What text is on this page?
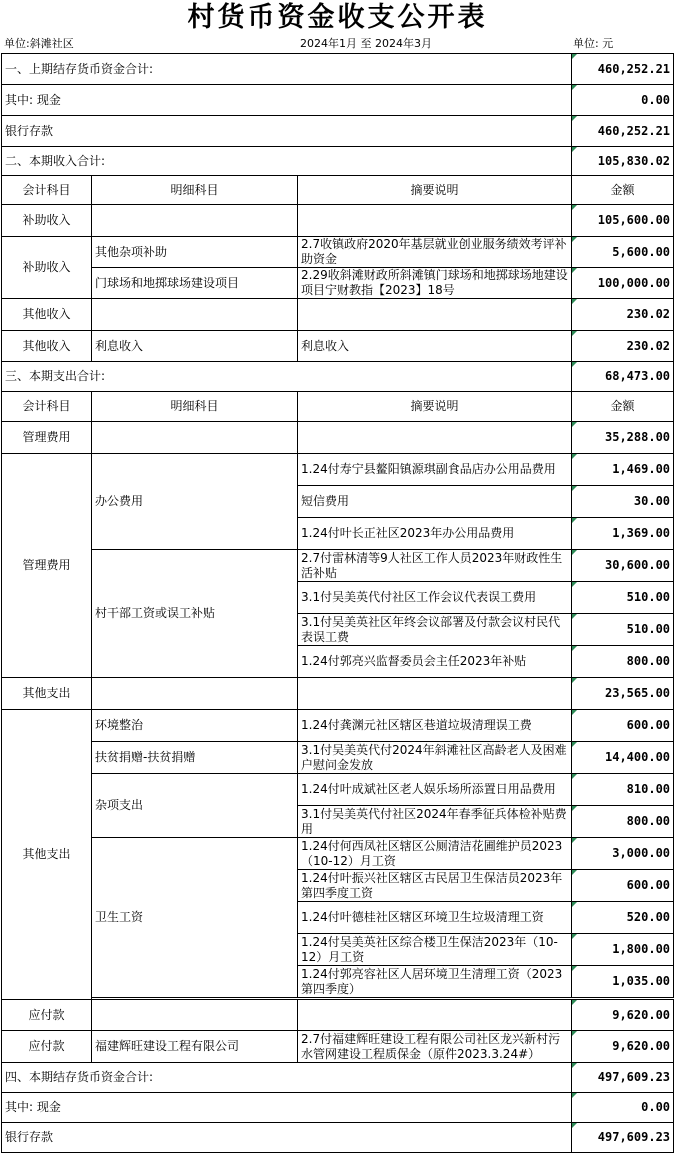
村货币资金收支公开表
单位:斜滩社区	2024年1月 至 2024年3月	单位: 元
一、上期结存货币资金合计:			460,252.21
其中: 现金			0.00
银行存款			460,252.21
二、本期收入合计:			105,830.02
会计科目	明细科目	摘要说明	金额
补助收入			105,600.00
补助收入	其他杂项补助	2.7收镇政府2020年基层就业创业服务绩效考评补助资金	5,600.00
	门球场和地掷球场建设项目	2.29收斜滩财政所斜滩镇门球场和地掷球场地建设项目宁财教指【2023】18号	100,000.00
其他收入			230.02
其他收入	利息收入	利息收入	230.02
三、本期支出合计:			68,473.00
会计科目	明细科目	摘要说明	金额
管理费用			35,288.00
管理费用	办公费用	1.24付寿宁县鳌阳镇源琪副食品店办公用品费用	1,469.00
		短信费用	30.00
		1.24付叶长正社区2023年办公用品费用	1,369.00
	村干部工资或误工补贴	2.7付雷林清等9人社区工作人员2023年财政性生活补贴	30,600.00
		3.1付吴美英代付社区工作会议代表误工费用	510.00
		3.1付吴美英社区年终会议部署及付款会议村民代表误工费	510.00
		1.24付郭亮兴监督委员会主任2023年补贴	800.00
其他支出			23,565.00
其他支出	环境整治	1.24付龚渊元社区辖区巷道垃圾清理误工费	600.00
	扶贫捐赠-扶贫捐赠	3.1付吴美英代付2024年斜滩社区高龄老人及困难户慰问金发放	14,400.00
	杂项支出	1.24付叶成斌社区老人娱乐场所添置日用品费用	810.00
		3.1付吴美英代付社区2024年春季征兵体检补贴费用	800.00
	卫生工资	1.24付何西凤社区辖区公厕清洁花圃维护员2023（10-12）月工资	3,000.00
		1.24付叶振兴社区辖区古民居卫生保洁员2023年第四季度工资	600.00
		1.24付叶德桂社区辖区环境卫生垃圾清理工资	520.00
		1.24付吴美英社区综合楼卫生保洁2023年（10-12）月工资	1,800.00
		1.24付郭亮容社区人居环境卫生清理工资（2023第四季度）	1,035.00

应付款			9,620.00
应付款	福建辉旺建设工程有限公司	2.7付福建辉旺建设工程有限公司社区龙兴新村污水管网建设工程质保金（原件2023.3.24#）	9,620.00
四、本期结存货币资金合计:			497,609.23
其中: 现金			0.00
银行存款			497,609.23
